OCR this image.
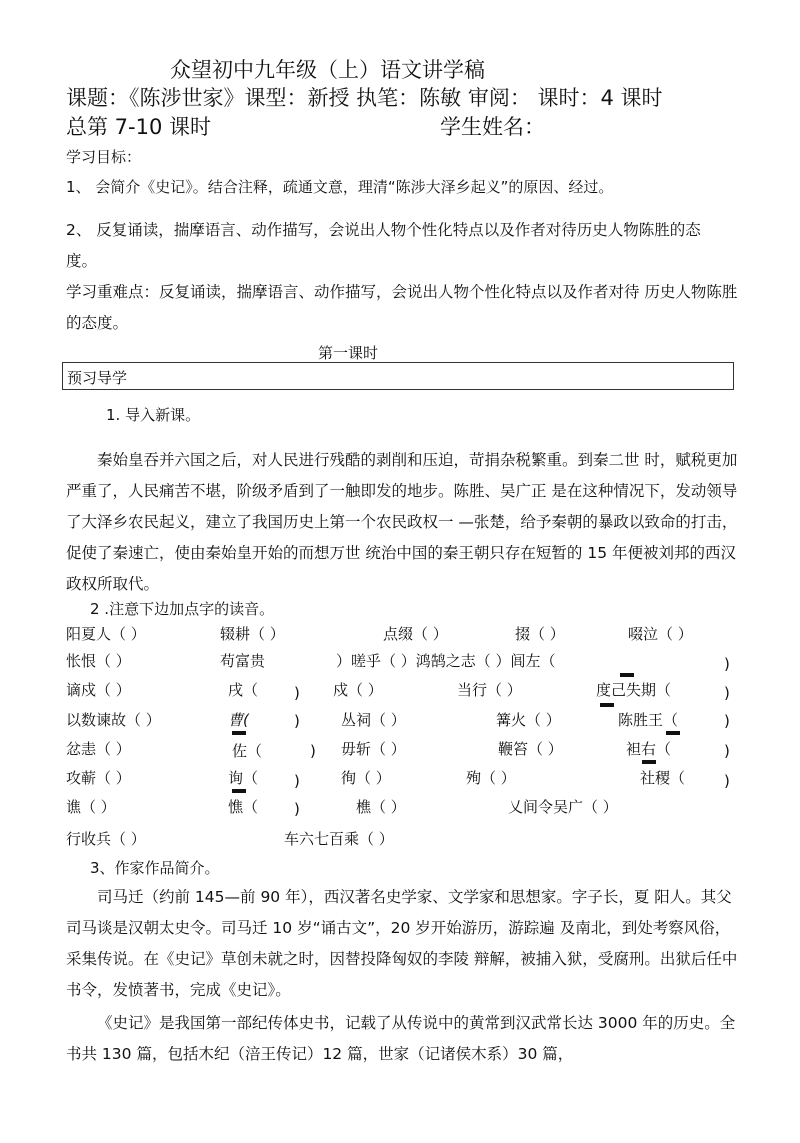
众望初中九年级（上）语文讲学稿
课题：《陈涉世家》课型：新授 执笔：陈敏 审阅： 课时：4 课时
总第 7‑10 课时	学生姓名：
学习目标：
1、 会简介《史记》。结合注释，疏通文意，理清“陈涉大泽乡起义”的原因、经过。
2、 反复诵读，揣摩语言、动作描写，会说出人物个性化特点以及作者对待历史人物陈胜的态度。
学习重难点：反复诵读，揣摩语言、动作描写，会说出人物个性化特点以及作者对待 历史人物陈胜的态度。
第一课时
预习导学
1. 导入新课。
秦始皇吞并六国之后，对人民进行残酷的剥削和压迫，苛捐杂税繁重。到秦二世 时，赋税更加严重了，人民痛苦不堪，阶级矛盾到了一触即发的地步。陈胜、吴广正 是在这种情况下，发动领导了大泽乡农民起义，建立了我国历史上第一个农民政权一 —张楚，给予秦朝的暴政以致命的打击，促使了秦速亡，使由秦始皇开始的而想万世 统治中国的秦王朝只存在短暂的 15 年便被刘邦的西汉政权所取代。
2 .注意下边加点字的读音。
阳夏人（ ）	辍耕（ ）	点缀（ ）	掇（ ）	啜泣（ ）
怅恨（ ）	苟富贵	）嗟乎（ ）鸿鹄之志（ ）闾左（	)
谪戍（ ）	戌（ ) 戍（ ）	当行（ ）	度己失期（	)
以数谏故（ ）	曹(	)	丛祠（ ）	篝火（ ）	陈胜王（	)
忿恚（ ）	佐（	) 毋斩（ ）	鞭笞（ ）	袒右（	)
攻蕲（ ）	询（ )	徇（ ）	殉（ ）	社稷（	)
谯（ ）	憔（ )	樵（ ）	乂间令吴广（ ）
行收兵（ ）	车六七百乘（ ）
3、作家作品简介。
司马迁（约前 145—前 90 年），西汉著名史学家、文学家和思想家。字子长，夏 阳人。其父司马谈是汉朝太史令。司马迁 10 岁“诵古文”，20 岁开始游历，游踪遍 及南北，到处考察风俗，采集传说。在《史记》草创未就之时，因替投降匈奴的李陵 辩解，被捕入狱，受腐刑。出狱后任中书令，发愤著书，完成《史记》。
《史记》是我国第一部纪传体史书，记载了从传说中的黄常到汉武常长达 3000 年的历史。全书共 130 篇，包括木纪（涪王传记）12 篇，世家（记诸侯木系）30 篇，
